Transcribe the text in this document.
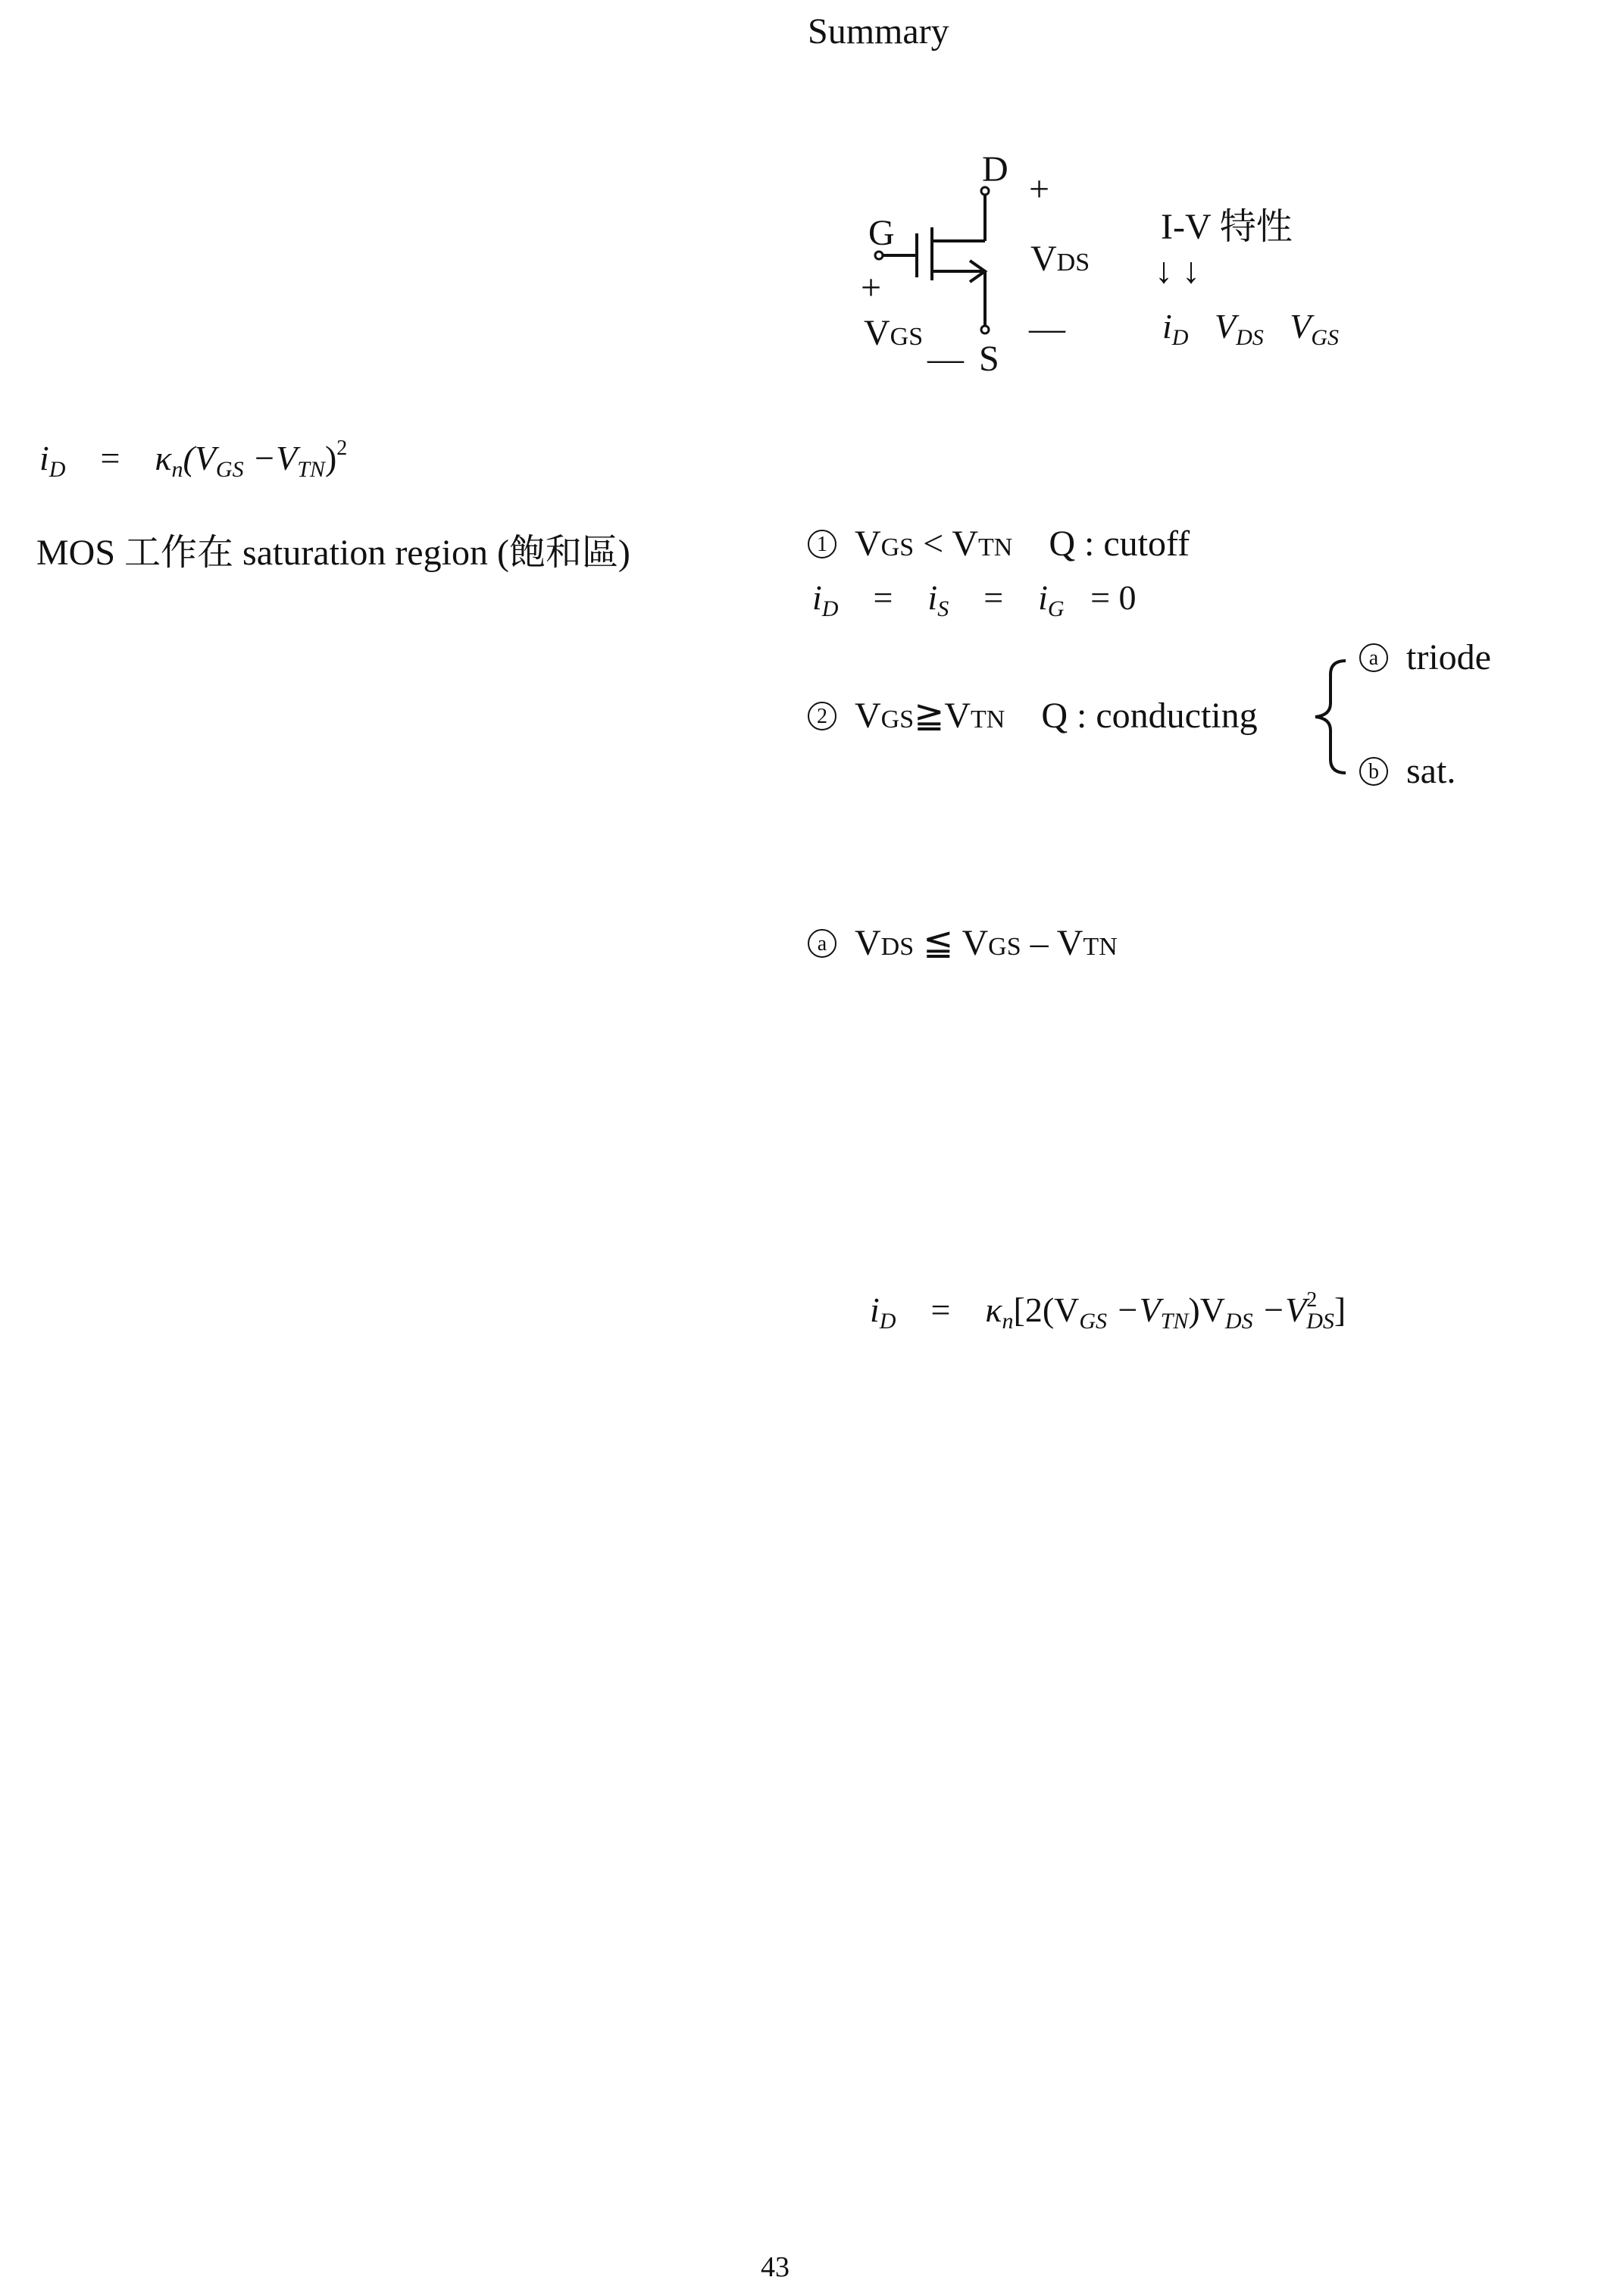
Summary
D +
G
+
VDS
—
VGS
— S
I-V 特性
↓ ↓
$i_D$ $V_{DS}$ $V_{GS}$
$i_D = \kappa_n(V_{GS} -V_{TN})^2$
MOS 工作在 saturation region (飽和區)	1 VGS < VTN Q : cutoff
$i_D = i_S = i_G = 0$
2 VGS≧VTN Q : conducting
a triode
b sat.
a VDS ≦ VGS – VTN
$i_D = \kappa_n[2(V_{GS} -V_{TN})V_{DS} -V^2_{DS}]$
43
